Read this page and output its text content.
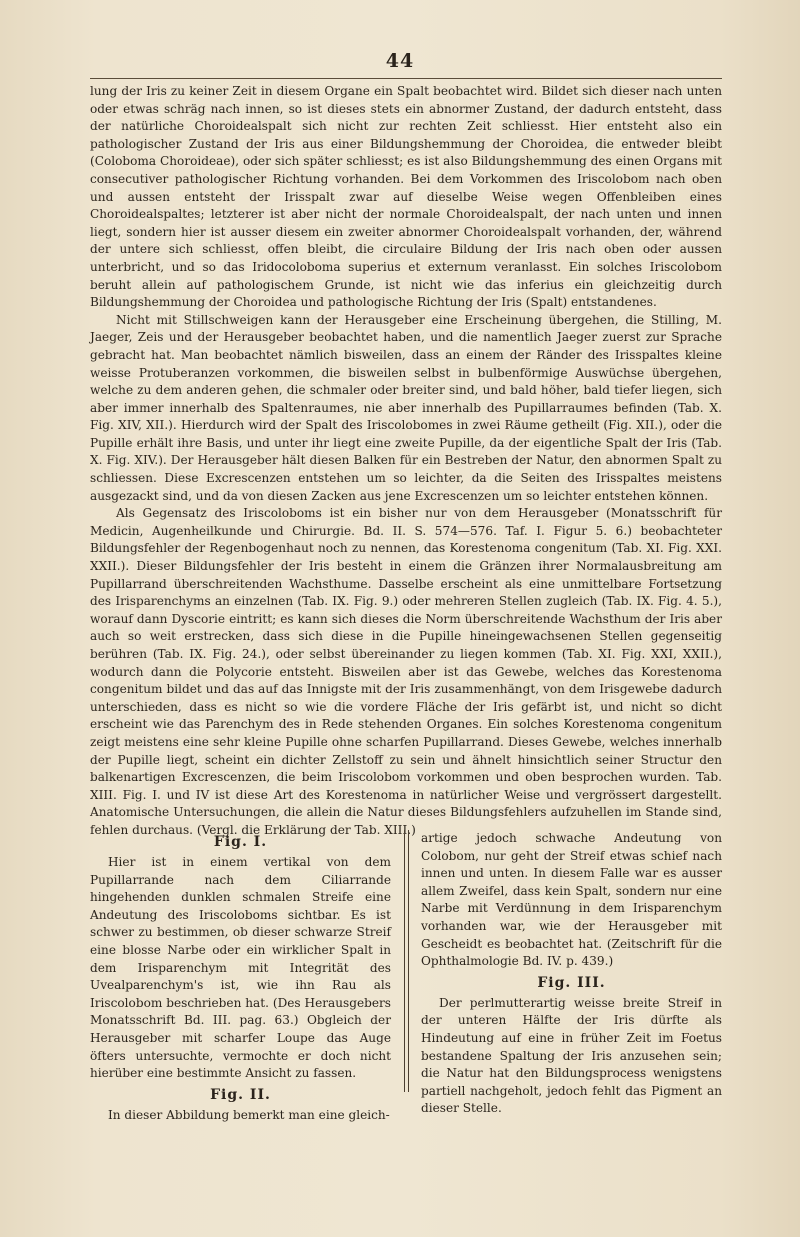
44

lung der Iris zu keiner Zeit in diesem Organe ein Spalt beobachtet wird. Bildet sich dieser nach unten oder etwas schräg nach innen, so ist dieses stets ein abnormer Zustand, der dadurch entsteht, dass der natürliche Choroidealspalt sich nicht zur rechten Zeit schliesst. Hier entsteht also ein pathologischer Zustand der Iris aus einer Bildungshemmung der Choroidea, die entweder bleibt (Coloboma Choroideae), oder sich später schliesst; es ist also Bildungshemmung des einen Organs mit consecutiver pathologischer Richtung vorhanden. Bei dem Vorkommen des Iriscolobom nach oben und aussen entsteht der Irisspalt zwar auf dieselbe Weise wegen Offenbleiben eines Choroidealspaltes; letzterer ist aber nicht der normale Choroidealspalt, der nach unten und innen liegt, sondern hier ist ausser diesem ein zweiter abnormer Choroidealspalt vorhanden, der, während der untere sich schliesst, offen bleibt, die circulaire Bildung der Iris nach oben oder aussen unterbricht, und so das Iridocoloboma superius et externum veranlasst. Ein solches Iriscolobom beruht allein auf pathologischem Grunde, ist nicht wie das inferius ein gleichzeitig durch Bildungshemmung der Choroidea und pathologische Richtung der Iris (Spalt) entstandenes.

Nicht mit Stillschweigen kann der Herausgeber eine Erscheinung übergehen, die Stilling, M. Jaeger, Zeis und der Herausgeber beobachtet haben, und die namentlich Jaeger zuerst zur Sprache gebracht hat. Man beobachtet nämlich bisweilen, dass an einem der Ränder des Irisspaltes kleine weisse Protuberanzen vorkommen, die bisweilen selbst in bulbenförmige Auswüchse übergehen, welche zu dem anderen gehen, die schmaler oder breiter sind, und bald höher, bald tiefer liegen, sich aber immer innerhalb des Spaltenraumes, nie aber innerhalb des Pupillarraumes befinden (Tab. X. Fig. XIV, XII.). Hierdurch wird der Spalt des Iriscolobomes in zwei Räume getheilt (Fig. XII.), oder die Pupille erhält ihre Basis, und unter ihr liegt eine zweite Pupille, da der eigentliche Spalt der Iris (Tab. X. Fig. XIV.). Der Herausgeber hält diesen Balken für ein Bestreben der Natur, den abnormen Spalt zu schliessen. Diese Excrescenzen entstehen um so leichter, da die Seiten des Irisspaltes meistens ausgezackt sind, und da von diesen Zacken aus jene Excrescenzen um so leichter entstehen können.

Als Gegensatz des Iriscoloboms ist ein bisher nur von dem Herausgeber (Monatsschrift für Medicin, Augenheilkunde und Chirurgie. Bd. II. S. 574—576. Taf. I. Figur 5. 6.) beobachteter Bildungsfehler der Regenbogenhaut noch zu nennen, das Korestenoma congenitum (Tab. XI. Fig. XXI. XXII.). Dieser Bildungsfehler der Iris besteht in einem die Gränzen ihrer Normalausbreitung am Pupillarrand überschreitenden Wachsthume. Dasselbe erscheint als eine unmittelbare Fortsetzung des Irisparenchyms an einzelnen (Tab. IX. Fig. 9.) oder mehreren Stellen zugleich (Tab. IX. Fig. 4. 5.), worauf dann Dyscorie eintritt; es kann sich dieses die Norm überschreitende Wachsthum der Iris aber auch so weit erstrecken, dass sich diese in die Pupille hineingewachsenen Stellen gegenseitig berühren (Tab. IX. Fig. 24.), oder selbst übereinander zu liegen kommen (Tab. XI. Fig. XXI, XXII.), wodurch dann die Polycorie entsteht. Bisweilen aber ist das Gewebe, welches das Korestenoma congenitum bildet und das auf das Innigste mit der Iris zusammenhängt, von dem Irisgewebe dadurch unterschieden, dass es nicht so wie die vordere Fläche der Iris gefärbt ist, und nicht so dicht erscheint wie das Parenchym des in Rede stehenden Organes. Ein solches Korestenoma congenitum zeigt meistens eine sehr kleine Pupille ohne scharfen Pupillarrand. Dieses Gewebe, welches innerhalb der Pupille liegt, scheint ein dichter Zellstoff zu sein und ähnelt hinsichtlich seiner Structur den balkenartigen Excrescenzen, die beim Iriscolobom vorkommen und oben besprochen wurden. Tab. XIII. Fig. I. und IV ist diese Art des Korestenoma in natürlicher Weise und vergrössert dargestellt. Anatomische Untersuchungen, die allein die Natur dieses Bildungsfehlers aufzuhellen im Stande sind, fehlen durchaus. (Vergl. die Erklärung der Tab. XIII.)

Fig. I.

Hier ist in einem vertikal von dem Pupillarrande nach dem Ciliarrande hingehenden dunklen schmalen Streife eine Andeutung des Iriscoloboms sichtbar. Es ist schwer zu bestimmen, ob dieser schwarze Streif eine blosse Narbe oder ein wirklicher Spalt in dem Irisparenchym mit Integrität des Uvealparenchym's ist, wie ihn Rau als Iriscolobom beschrieben hat. (Des Herausgebers Monatsschrift Bd. III. pag. 63.) Obgleich der Herausgeber mit scharfer Loupe das Auge öfters untersuchte, vermochte er doch nicht hierüber eine bestimmte Ansicht zu fassen.

Fig. II.

In dieser Abbildung bemerkt man eine gleich-

artige jedoch schwache Andeutung von Colobom, nur geht der Streif etwas schief nach innen und unten. In diesem Falle war es ausser allem Zweifel, dass kein Spalt, sondern nur eine Narbe mit Verdünnung in dem Irisparenchym vorhanden war, wie der Herausgeber mit Gescheidt es beobachtet hat. (Zeitschrift für die Ophthalmologie Bd. IV. p. 439.)

Fig. III.

Der perlmutterartig weisse breite Streif in der unteren Hälfte der Iris dürfte als Hindeutung auf eine in früher Zeit im Foetus bestandene Spaltung der Iris anzusehen sein; die Natur hat den Bildungsprocess wenigstens partiell nachgeholt, jedoch fehlt das Pigment an dieser Stelle.
